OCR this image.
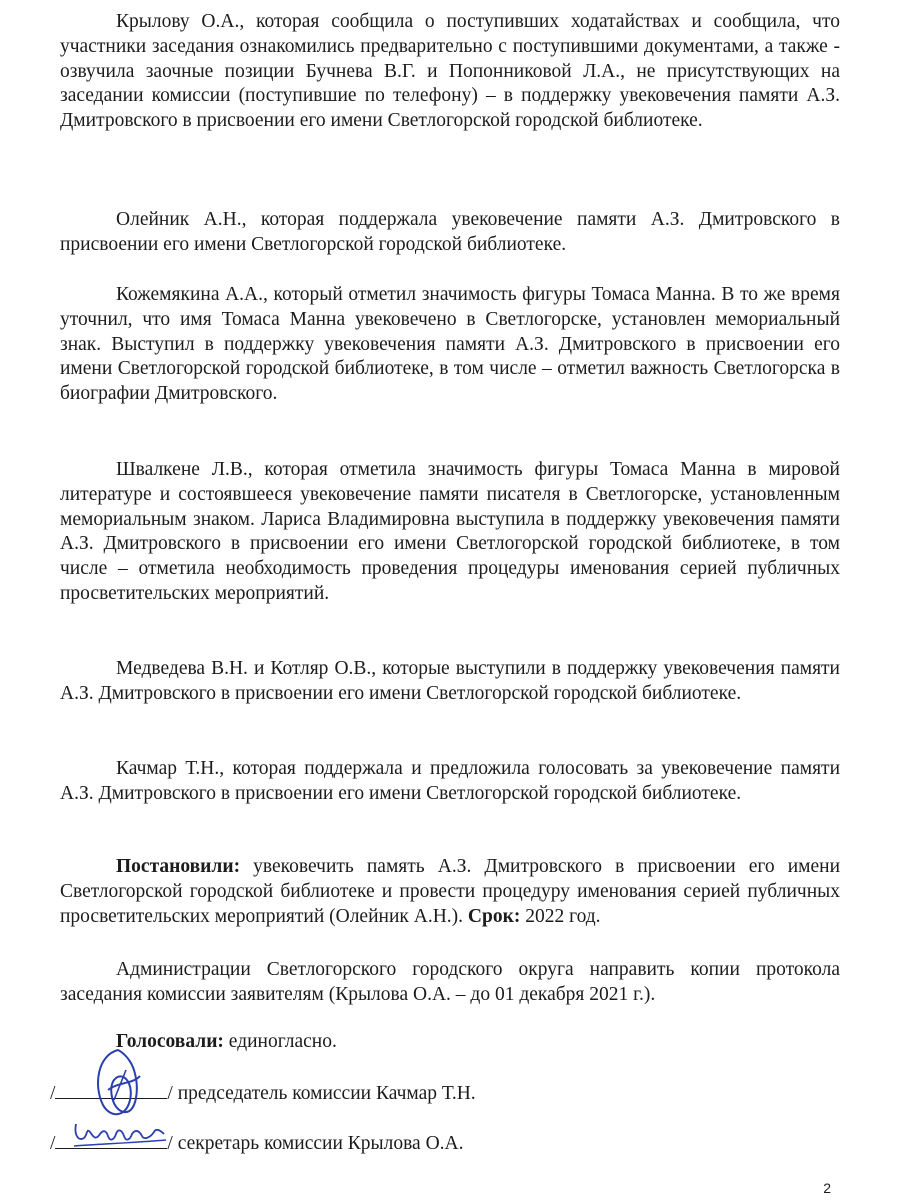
Крылову О.А., которая сообщила о поступивших ходатайствах и сообщила, что участники заседания ознакомились предварительно с поступившими документами, а также - озвучила заочные позиции Бучнева В.Г. и Попонниковой Л.А., не присутствующих на заседании комиссии (поступившие по телефону) – в поддержку увековечения памяти А.З. Дмитровского в присвоении его имени Светлогорской городской библиотеке.

Олейник А.Н., которая поддержала увековечение памяти А.З. Дмитровского в присвоении его имени Светлогорской городской библиотеке.

Кожемякина А.А., который отметил значимость фигуры Томаса Манна. В то же время уточнил, что имя Томаса Манна увековечено в Светлогорске, установлен мемориальный знак. Выступил в поддержку увековечения памяти А.З. Дмитровского в присвоении его имени Светлогорской городской библиотеке, в том числе – отметил важность Светлогорска в биографии Дмитровского.

Швалкене Л.В., которая отметила значимость фигуры Томаса Манна в мировой литературе и состоявшееся увековечение памяти писателя в Светлогорске, установленным мемориальным знаком. Лариса Владимировна выступила в поддержку увековечения памяти А.З. Дмитровского в присвоении его имени Светлогорской городской библиотеке, в том числе – отметила необходимость проведения процедуры именования серией публичных просветительских мероприятий.

Медведева В.Н. и Котляр О.В., которые выступили в поддержку увековечения памяти А.З. Дмитровского в присвоении его имени Светлогорской городской библиотеке.

Качмар Т.Н., которая поддержала и предложила голосовать за увековечение памяти А.З. Дмитровского в присвоении его имени Светлогорской городской библиотеке.

Постановили: увековечить память А.З. Дмитровского в присвоении его имени Светлогорской городской библиотеке и провести процедуру именования серией публичных просветительских мероприятий (Олейник А.Н.). Срок: 2022 год.

Администрации Светлогорского городского округа направить копии протокола заседания комиссии заявителям (Крылова О.А. – до 01 декабря 2021 г.).

Голосовали: единогласно.

/	/ председатель комиссии Качмар Т.Н.
/	/ секретарь комиссии Крылова О.А.
2
